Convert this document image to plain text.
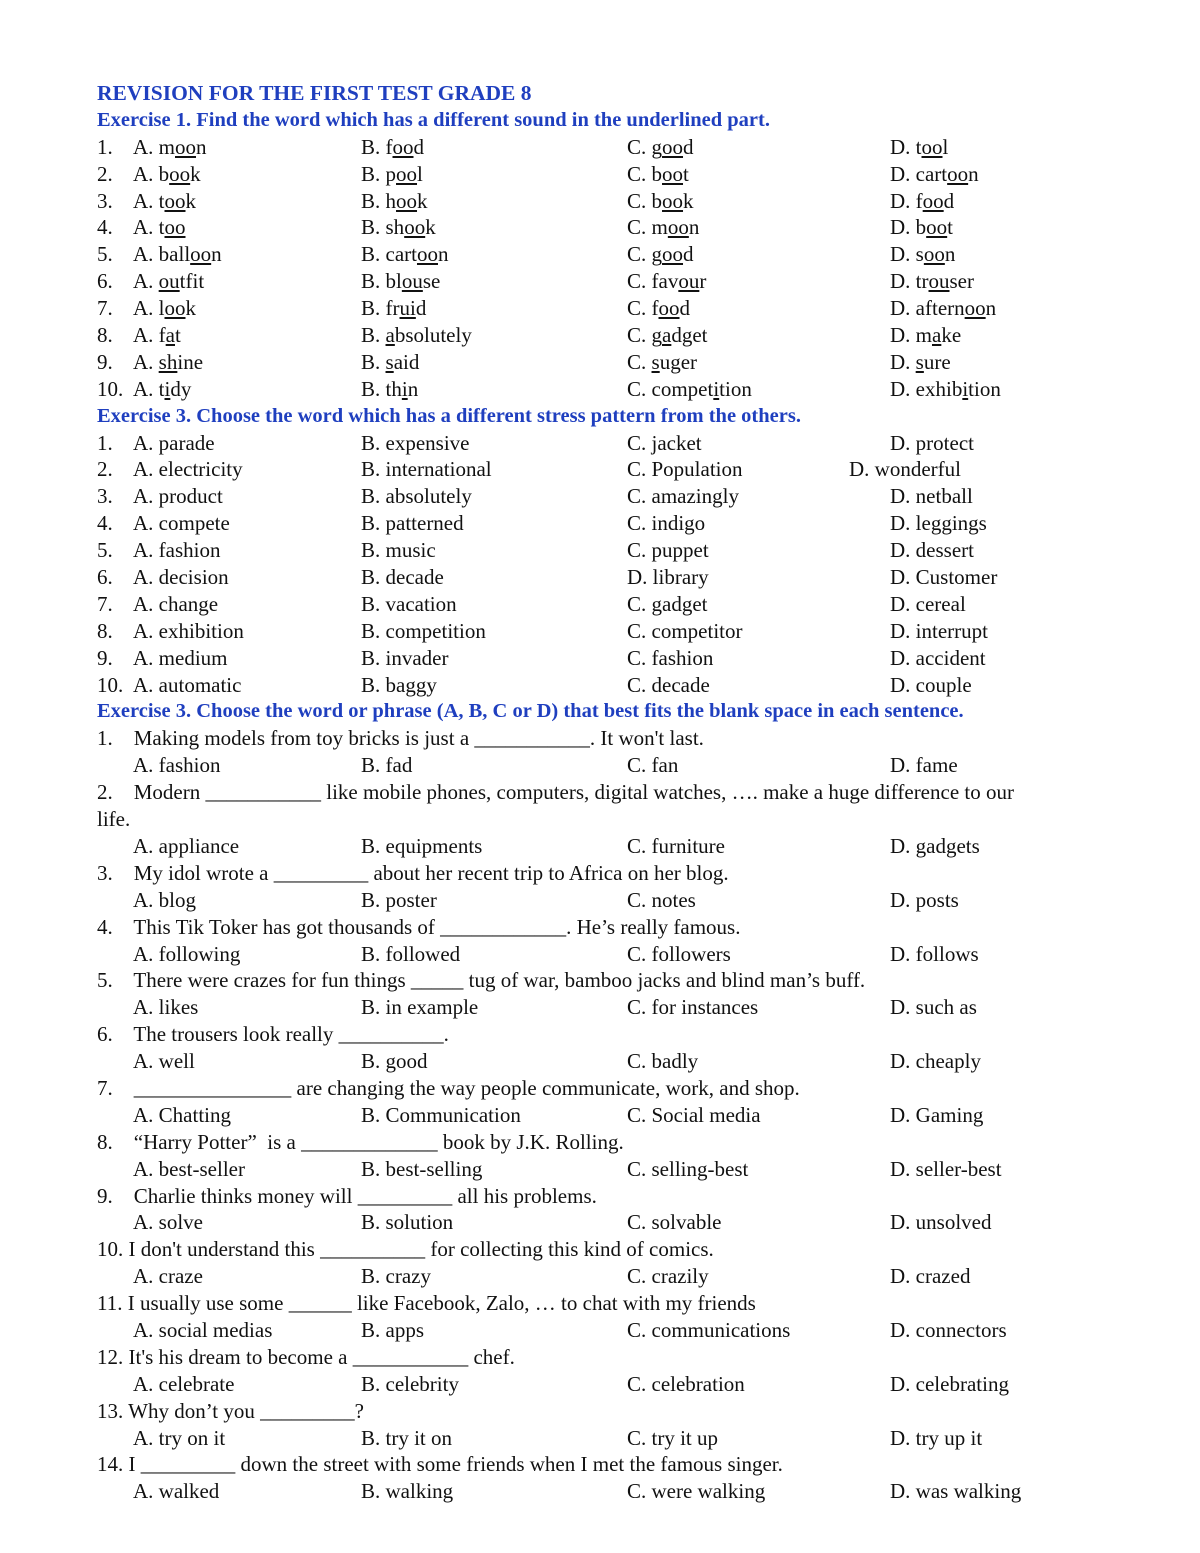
REVISION FOR THE FIRST TEST GRADE 8
Exercise 1. Find the word which has a different sound in the underlined part.
1. A. moon	B. food	C. good	D. tool
2. A. book	B. pool	C. boot	D. cartoon
3. A. took	B. hook	C. book	D. food
4. A. too	B. shook	C. moon	D. boot
5. A. balloon	B. cartoon	C. good	D. soon
6. A. outfit	B. blouse	C. favour	D. trouser
7. A. look	B. fruid	C. food	D. afternoon
8. A. fat	B. absolutely	C. gadget	D. make
9. A. shine	B. said	C. suger	D. sure
10. A. tidy	B. thin	C. competition	D. exhibition
Exercise 3. Choose the word which has a different stress pattern from the others.
1. A. parade	B. expensive	C. jacket	D. protect
2. A. electricity	B. international	C. Population	D. wonderful
3. A. product	B. absolutely	C. amazingly	D. netball
4. A. compete	B. patterned	C. indigo	D. leggings
5. A. fashion	B. music	C. puppet	D. dessert
6. A. decision	B. decade	D. library	D. Customer
7. A. change	B. vacation	C. gadget	D. cereal
8. A. exhibition	B. competition	C. competitor	D. interrupt
9. A. medium	B. invader	C. fashion	D. accident
10. A. automatic	B. baggy	C. decade	D. couple
Exercise 3. Choose the word or phrase (A, B, C or D) that best fits the blank space in each sentence.
1.    Making models from toy bricks is just a ___________. It won't last.
A. fashion	B. fad	C. fan	D. fame
2.    Modern ___________ like mobile phones, computers, digital watches, …. make a huge difference to our
life.
A. appliance	B. equipments	C. furniture	D. gadgets
3.    My idol wrote a _________ about her recent trip to Africa on her blog.
A. blog	B. poster	C. notes	D. posts
4.    This Tik Toker has got thousands of ____________. He’s really famous.
A. following	B. followed	C. followers	D. follows
5.    There were crazes for fun things _____ tug of war, bamboo jacks and blind man’s buff.
A. likes	B. in example	C. for instances	D. such as
6.    The trousers look really __________.
A. well	B. good	C. badly	D. cheaply
7.    _______________ are changing the way people communicate, work, and shop.
A. Chatting	B. Communication	C. Social media	D. Gaming
8.    “Harry Potter”  is a _____________ book by J.K. Rolling.
A. best-seller	B. best-selling	C. selling-best	D. seller-best
9.    Charlie thinks money will _________ all his problems.
A. solve	B. solution	C. solvable	D. unsolved
10. I don't understand this __________ for collecting this kind of comics.
A. craze	B. crazy	C. crazily	D. crazed
11. I usually use some ______ like Facebook, Zalo, … to chat with my friends
A. social medias	B. apps	C. communications	D. connectors
12. It's his dream to become a ___________ chef.
A. celebrate	B. celebrity	C. celebration	D. celebrating
13. Why don’t you _________?
A. try on it	B. try it on	C. try it up	D. try up it
14. I _________ down the street with some friends when I met the famous singer.
A. walked	B. walking	C. were walking	D. was walking
